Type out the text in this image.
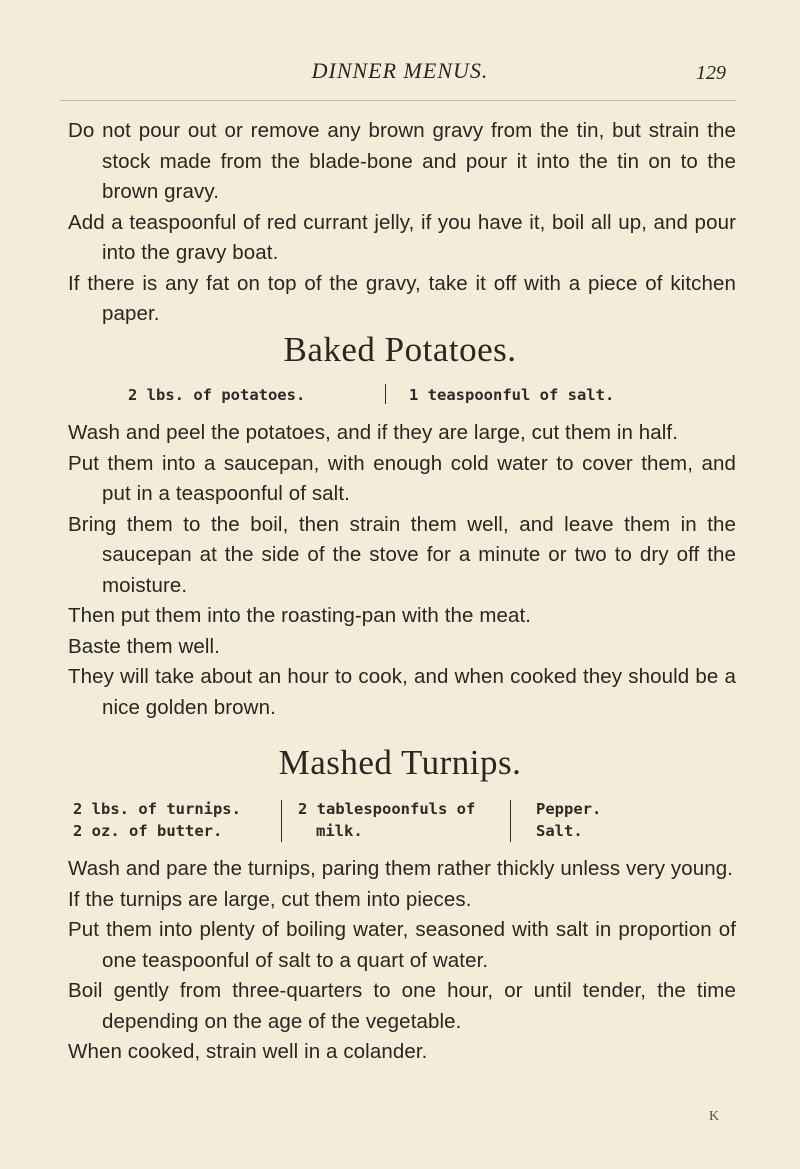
DINNER MENUS.	129

Do not pour out or remove any brown gravy from the tin, but strain the stock made from the blade-bone and pour it into the tin on to the brown gravy.

Add a teaspoonful of red currant jelly, if you have it, boil all up, and pour into the gravy boat.

If there is any fat on top of the gravy, take it off with a piece of kitchen paper.

Baked Potatoes.
2 lbs. of potatoes.	1 teaspoonful of salt.

Wash and peel the potatoes, and if they are large, cut them in half.

Put them into a saucepan, with enough cold water to cover them, and put in a teaspoonful of salt.

Bring them to the boil, then strain them well, and leave them in the saucepan at the side of the stove for a minute or two to dry off the moisture.

Then put them into the roasting-pan with the meat.

Baste them well.

They will take about an hour to cook, and when cooked they should be a nice golden brown.

Mashed Turnips.
2 lbs. of turnips.
2 oz. of butter.
2 tablespoonfuls of
milk.
Pepper.
Salt.

Wash and pare the turnips, paring them rather thickly unless very young.

If the turnips are large, cut them into pieces.

Put them into plenty of boiling water, seasoned with salt in proportion of one teaspoonful of salt to a quart of water.

Boil gently from three-quarters to one hour, or until tender, the time depending on the age of the vegetable.

When cooked, strain well in a colander.

K
